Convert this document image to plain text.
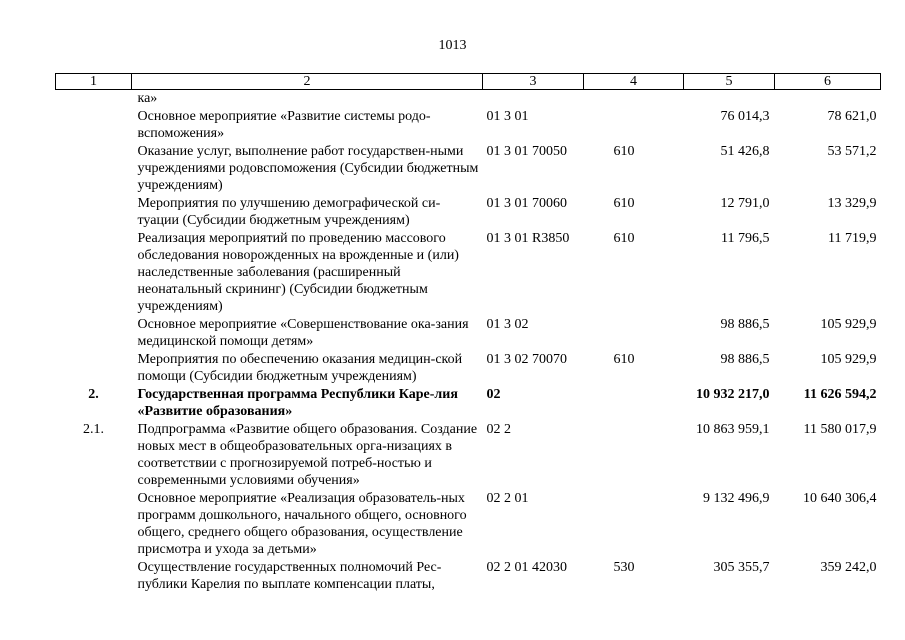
1013
1	2	3	4	5	6
	ка»				
	Основное мероприятие «Развитие системы родо-вспоможения»	01 3 01		76 014,3	78 621,0
	Оказание услуг, выполнение работ государствен-ными учреждениями родовспоможения (Субсидии бюджетным учреждениям)	01 3 01 70050	610	51 426,8	53 571,2
	Мероприятия по улучшению демографической си-туации (Субсидии бюджетным учреждениям)	01 3 01 70060	610	12 791,0	13 329,9
	Реализация мероприятий по проведению массового обследования новорожденных на врожденные и (или) наследственные заболевания (расширенный неонатальный скрининг) (Субсидии бюджетным учреждениям)	01 3 01 R3850	610	11 796,5	11 719,9
	Основное мероприятие «Совершенствование ока-зания медицинской помощи детям»	01 3 02		98 886,5	105 929,9
	Мероприятия по обеспечению оказания медицин-ской помощи (Субсидии бюджетным учреждениям)	01 3 02 70070	610	98 886,5	105 929,9
2.	Государственная программа Республики Каре-лия «Развитие образования»	02		10 932 217,0	11 626 594,2
2.1.	Подпрограмма «Развитие общего образования. Создание новых мест в общеобразовательных орга-низациях в соответствии с прогнозируемой потреб-ностью и современными условиями обучения»	02 2		10 863 959,1	11 580 017,9
	Основное мероприятие «Реализация образователь-ных программ дошкольного, начального общего, основного общего, среднего общего образования, осуществление присмотра и ухода за детьми»	02 2 01		9 132 496,9	10 640 306,4
	Осуществление государственных полномочий Рес-публики Карелия по выплате компенсации платы,	02 2 01 42030	530	305 355,7	359 242,0
